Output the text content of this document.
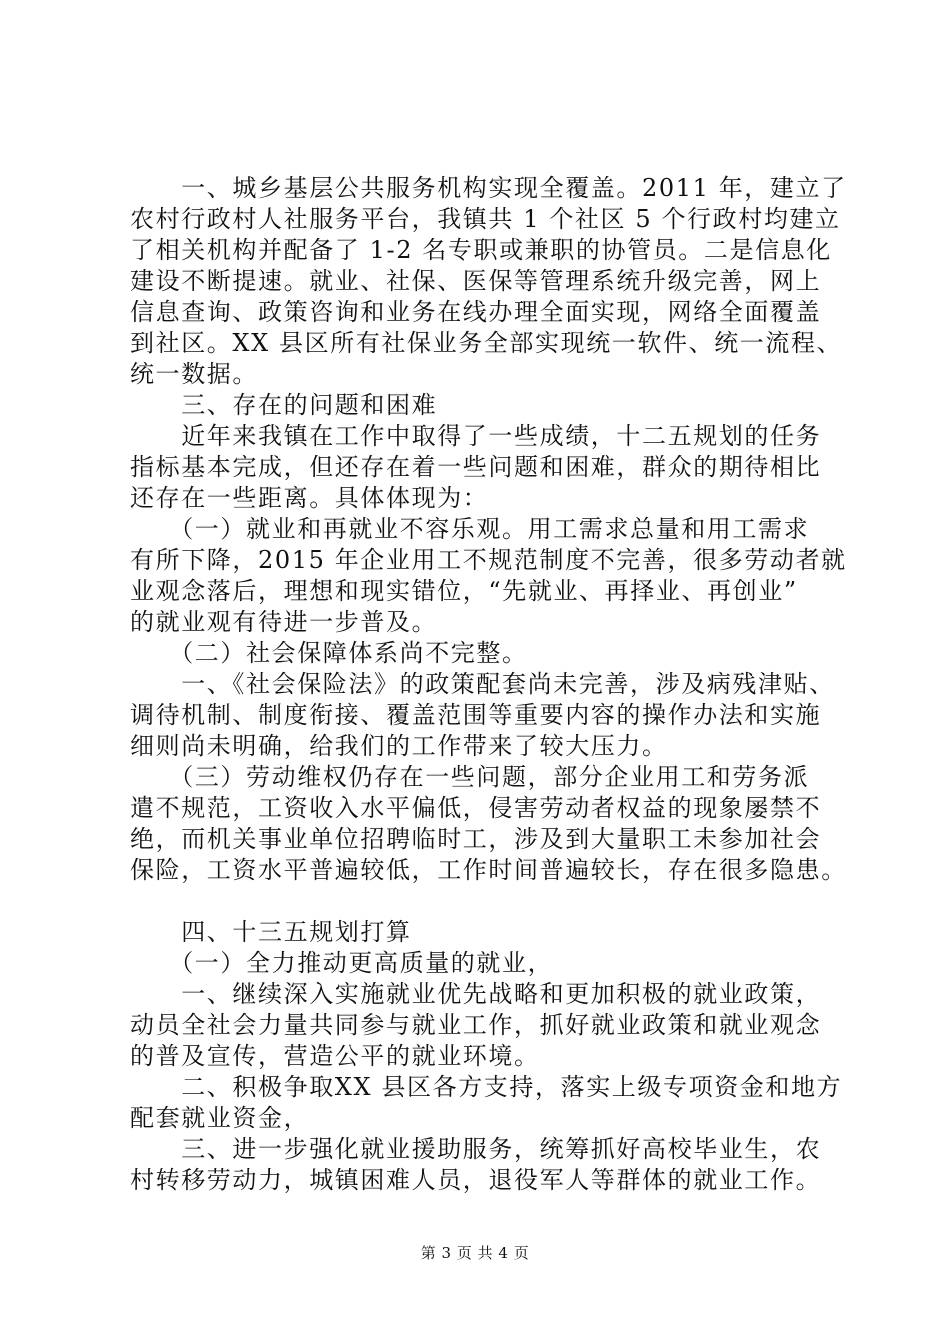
　　一、城乡基层公共服务机构实现全覆盖。2011 年，建立了
农村行政村人社服务平台，我镇共 1 个社区 5 个行政村均建立
了相关机构并配备了 1-2 名专职或兼职的协管员。二是信息化
建设不断提速。就业、社保、医保等管理系统升级完善，网上
信息查询、政策咨询和业务在线办理全面实现，网络全面覆盖
到社区。XX 县区所有社保业务全部实现统一软件、统一流程、
统一数据。
　　三、存在的问题和困难
　　近年来我镇在工作中取得了一些成绩，十二五规划的任务
指标基本完成，但还存在着一些问题和困难，群众的期待相比
还存在一些距离。具体体现为：
　　（一）就业和再就业不容乐观。用工需求总量和用工需求
有所下降，2015 年企业用工不规范制度不完善，很多劳动者就
业观念落后，理想和现实错位，“先就业、再择业、再创业”
的就业观有待进一步普及。
　　（二）社会保障体系尚不完整。
　　一、《社会保险法》的政策配套尚未完善，涉及病残津贴、
调待机制、制度衔接、覆盖范围等重要内容的操作办法和实施
细则尚未明确，给我们的工作带来了较大压力。
　　（三）劳动维权仍存在一些问题，部分企业用工和劳务派
遣不规范，工资收入水平偏低，侵害劳动者权益的现象屡禁不
绝，而机关事业单位招聘临时工，涉及到大量职工未参加社会
保险，工资水平普遍较低，工作时间普遍较长，存在很多隐患。
　　四、十三五规划打算
　　（一）全力推动更高质量的就业，
　　一、继续深入实施就业优先战略和更加积极的就业政策，
动员全社会力量共同参与就业工作，抓好就业政策和就业观念
的普及宣传，营造公平的就业环境。
　　二、积极争取XX 县区各方支持，落实上级专项资金和地方
配套就业资金，
　　三、进一步强化就业援助服务，统筹抓好高校毕业生，农
村转移劳动力，城镇困难人员，退役军人等群体的就业工作。
第 3 页 共 4 页
